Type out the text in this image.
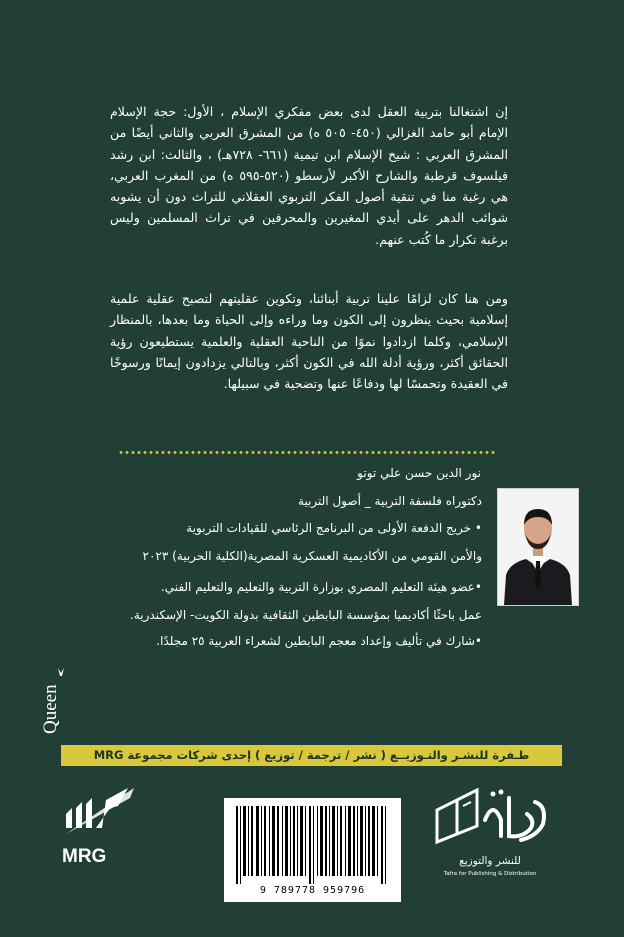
إن اشتغالنا بتربية العقل لدى بعض مفكري الإسلام ، الأول: حجة الإسلام الإمام أبو حامد الغزالي (٤٥٠- ٥٠٥ ه) من المشرق العربي والثاني أيضًا من المشرق العربي : شيخ الإسلام ابن تيمية (٦٦١- ٧٢٨هـ) ، والثالث: ابن رشد فيلسوف قرطبة والشارح الأكبر لأرسطو (٥٢٠-٥٩٥ ه) من المغرب العربي، هي رغبة منا في تنقية أصول الفكر التربوي العقلاني للتراث دون أن يشوبه شوائب الدهر على أيدي المغيرين والمحرفين في تراث المسلمين وليس برغبة تكرار ما كُتب عنهم.

ومن هنا كان لزامًا علينا تربية أبنائنا، وتكوين عقليتهم لتصبح عقلية علمية إسلامية بحيث ينظرون إلى الكون وما وراءه وإلى الحياة وما بعدها، بالمنظار الإسلامي، وكلما ازدادوا نموًا من الناحية العقلية والعلمية يستطيعون رؤية الحقائق أكثر، ورؤية أدلة الله في الكون أكثر، وبالتالي يزدادون إيمانًا ورسوخًا في العقيدة وتحمسًا لها ودفاعًا عنها وتضحية في سبيلها.

نور الدين حسن علي توتو

دكتوراه فلسفة التربية _ أصول التربية

• خريج الدفعة الأولى من البرنامج الرئاسي للقيادات التربوية

والأمن القومي من الأكاديمية العسكرية المصرية(الكلية الحربية) ٢٠٢٣

•عضو هيئة التعليم المصري بوزارة التربية والتعليم والتعليم الفني.

عمل باحثًا أكاديميا بمؤسسة البابطين الثقافية بدولة الكويت- الإسكندرية.

•شارك في تأليف وإعداد معجم البابطين لشعراء العربية ٢٥ مجلدًا.

Queen
طـفرة للنشـر والتـوزيــع ( نشر / ترجمة / توزيع ) إحدى شركات مجموعة MRG
MRG
9 789778 959796

للنشر والتوزيع

Tafra for Publishing & Distribution
